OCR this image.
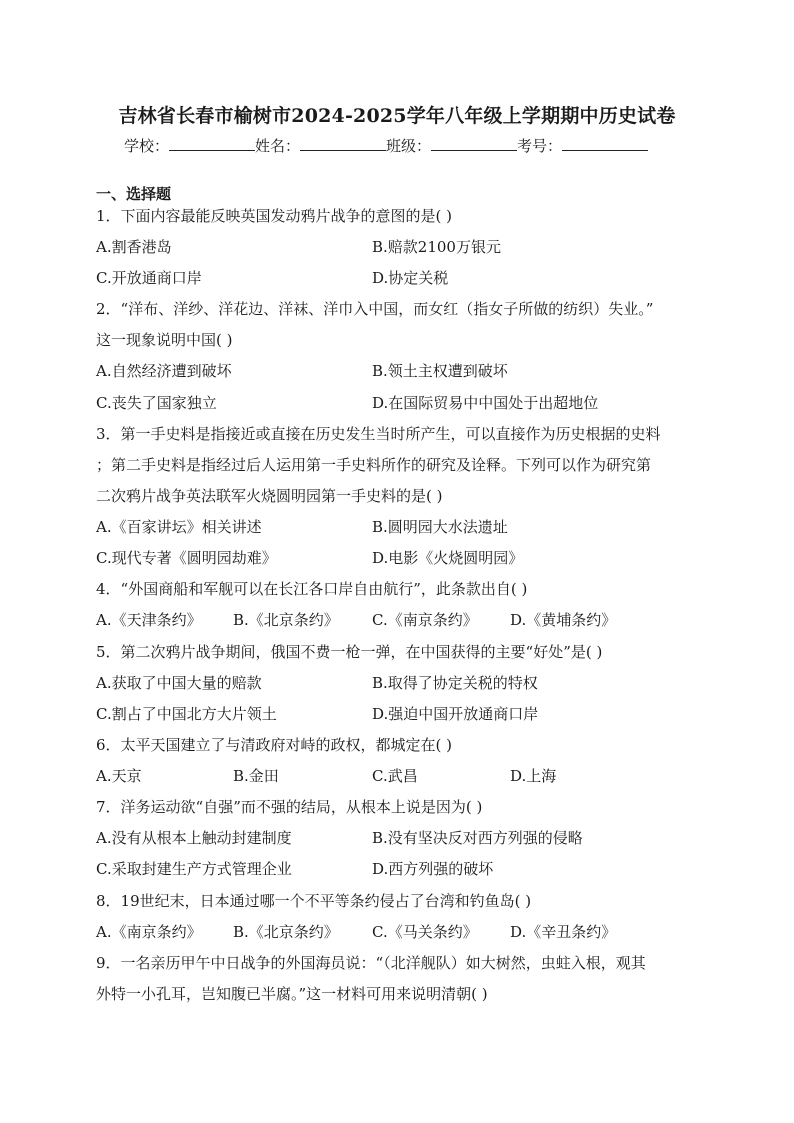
吉林省长春市榆树市2024-2025学年八年级上学期期中历史试卷
学校：	姓名：	班级：	考号：
一、选择题
1．下面内容最能反映英国发动鸦片战争的意图的是( )
A.割香港岛	B.赔款2100万银元
C.开放通商口岸	D.协定关税
2．“洋布、洋纱、洋花边、洋袜、洋巾入中国，而女红（指女子所做的纺织）失业。”
这一现象说明中国( )
A.自然经济遭到破坏	B.领土主权遭到破坏
C.丧失了国家独立	D.在国际贸易中中国处于出超地位
3．第一手史料是指接近或直接在历史发生当时所产生，可以直接作为历史根据的史料
；第二手史料是指经过后人运用第一手史料所作的研究及诠释。下列可以作为研究第
二次鸦片战争英法联军火烧圆明园第一手史料的是( )
A.《百家讲坛》相关讲述	B.圆明园大水法遗址
C.现代专著《圆明园劫难》	D.电影《火烧圆明园》
4．“外国商船和军舰可以在长江各口岸自由航行”，此条款出自( )
A.《天津条约》 B.《北京条约》 C.《南京条约》 D.《黄埔条约》
5．第二次鸦片战争期间，俄国不费一枪一弹，在中国获得的主要“好处”是( )
A.获取了中国大量的赔款	B.取得了协定关税的特权
C.割占了中国北方大片领土	D.强迫中国开放通商口岸
6．太平天国建立了与清政府对峙的政权，都城定在( )
A.天京	B.金田	C.武昌	D.上海
7．洋务运动欲“自强”而不强的结局，从根本上说是因为( )
A.没有从根本上触动封建制度	B.没有坚决反对西方列强的侵略
C.采取封建生产方式管理企业	D.西方列强的破坏
8．19世纪末，日本通过哪一个不平等条约侵占了台湾和钓鱼岛( )
A.《南京条约》 B.《北京条约》 C.《马关条约》 D.《辛丑条约》
9．一名亲历甲午中日战争的外国海员说：“（北洋舰队）如大树然，虫蛀入根，观其
外特一小孔耳，岂知腹已半腐。”这一材料可用来说明清朝( )
